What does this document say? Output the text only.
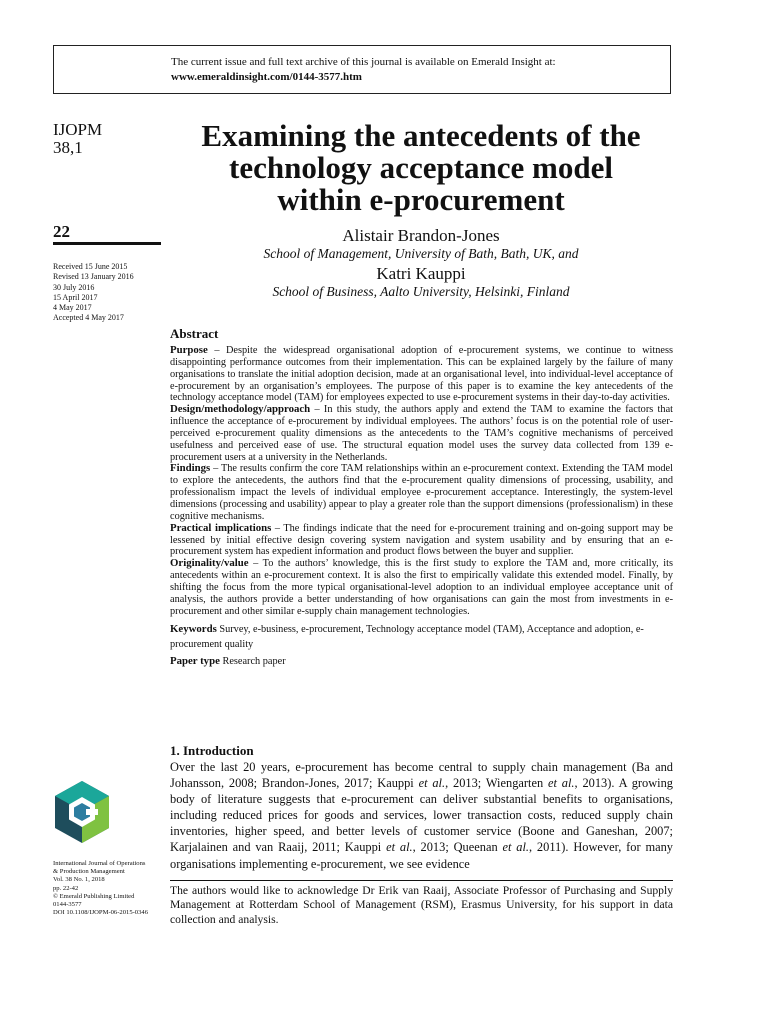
The current issue and full text archive of this journal is available on Emerald Insight at:
www.emeraldinsight.com/0144-3577.htm
IJOPM
38,1
22
Received 15 June 2015
Revised 13 January 2016
30 July 2016
15 April 2017
4 May 2017
Accepted 4 May 2017
Examining the antecedents of the
technology acceptance model
within e-procurement
Alistair Brandon-Jones
School of Management, University of Bath, Bath, UK, and
Katri Kauppi
School of Business, Aalto University, Helsinki, Finland
Abstract

Purpose – Despite the widespread organisational adoption of e-procurement systems, we continue to witness disappointing performance outcomes from their implementation. This can be explained largely by the failure of many organisations to translate the initial adoption decision, made at an organisational level, into individual-level acceptance of e-procurement by an organisation’s employees. The purpose of this paper is to examine the key antecedents of the technology acceptance model (TAM) for employees expected to use e-procurement systems in their day-to-day activities.

Design/methodology/approach – In this study, the authors apply and extend the TAM to examine the factors that influence the acceptance of e-procurement by individual employees. The authors’ focus is on the potential role of user-perceived e-procurement quality dimensions as the antecedents to the TAM’s cognitive mechanisms of perceived usefulness and perceived ease of use. The structural equation model uses the survey data collected from 139 e-procurement users at a university in the Netherlands.

Findings – The results confirm the core TAM relationships within an e-procurement context. Extending the TAM model to explore the antecedents, the authors find that the e-procurement quality dimensions of processing, usability, and professionalism impact the levels of individual employee e-procurement acceptance. Interestingly, the system-level dimensions (processing and usability) appear to play a greater role than the support dimensions (professionalism) in these cognitive mechanisms.

Practical implications – The findings indicate that the need for e-procurement training and on-going support may be lessened by initial effective design covering system navigation and system usability and by ensuring that an e-procurement system has expedient information and product flows between the buyer and supplier.

Originality/value – To the authors’ knowledge, this is the first study to explore the TAM and, more critically, its antecedents within an e-procurement context. It is also the first to empirically validate this extended model. Finally, by shifting the focus from the more typical organisational-level adoption to an individual employee acceptance unit of analysis, the authors provide a better understanding of how organisations can gain the most from investments in e-procurement and other similar e-supply chain management technologies.

Keywords Survey, e-business, e-procurement, Technology acceptance model (TAM), Acceptance and adoption, e-procurement quality
Paper type Research paper
1. Introduction

Over the last 20 years, e-procurement has become central to supply chain management (Ba and Johansson, 2008; Brandon-Jones, 2017; Kauppi et al., 2013; Wiengarten et al., 2013). A growing body of literature suggests that e-procurement can deliver substantial benefits to organisations, including reduced prices for goods and services, lower transaction costs, reduced supply chain inventories, higher speed, and better levels of customer service (Boone and Ganeshan, 2007; Karjalainen and van Raaij, 2011; Kauppi et al., 2013; Queenan et al., 2011). However, for many organisations implementing e-procurement, we see evidence

The authors would like to acknowledge Dr Erik van Raaij, Associate Professor of Purchasing and Supply Management at Rotterdam School of Management (RSM), Erasmus University, for his support in data collection and analysis.

International Journal of Operations
& Production Management
Vol. 38 No. 1, 2018
pp. 22-42
© Emerald Publishing Limited
0144-3577
DOI 10.1108/IJOPM-06-2015-0346
